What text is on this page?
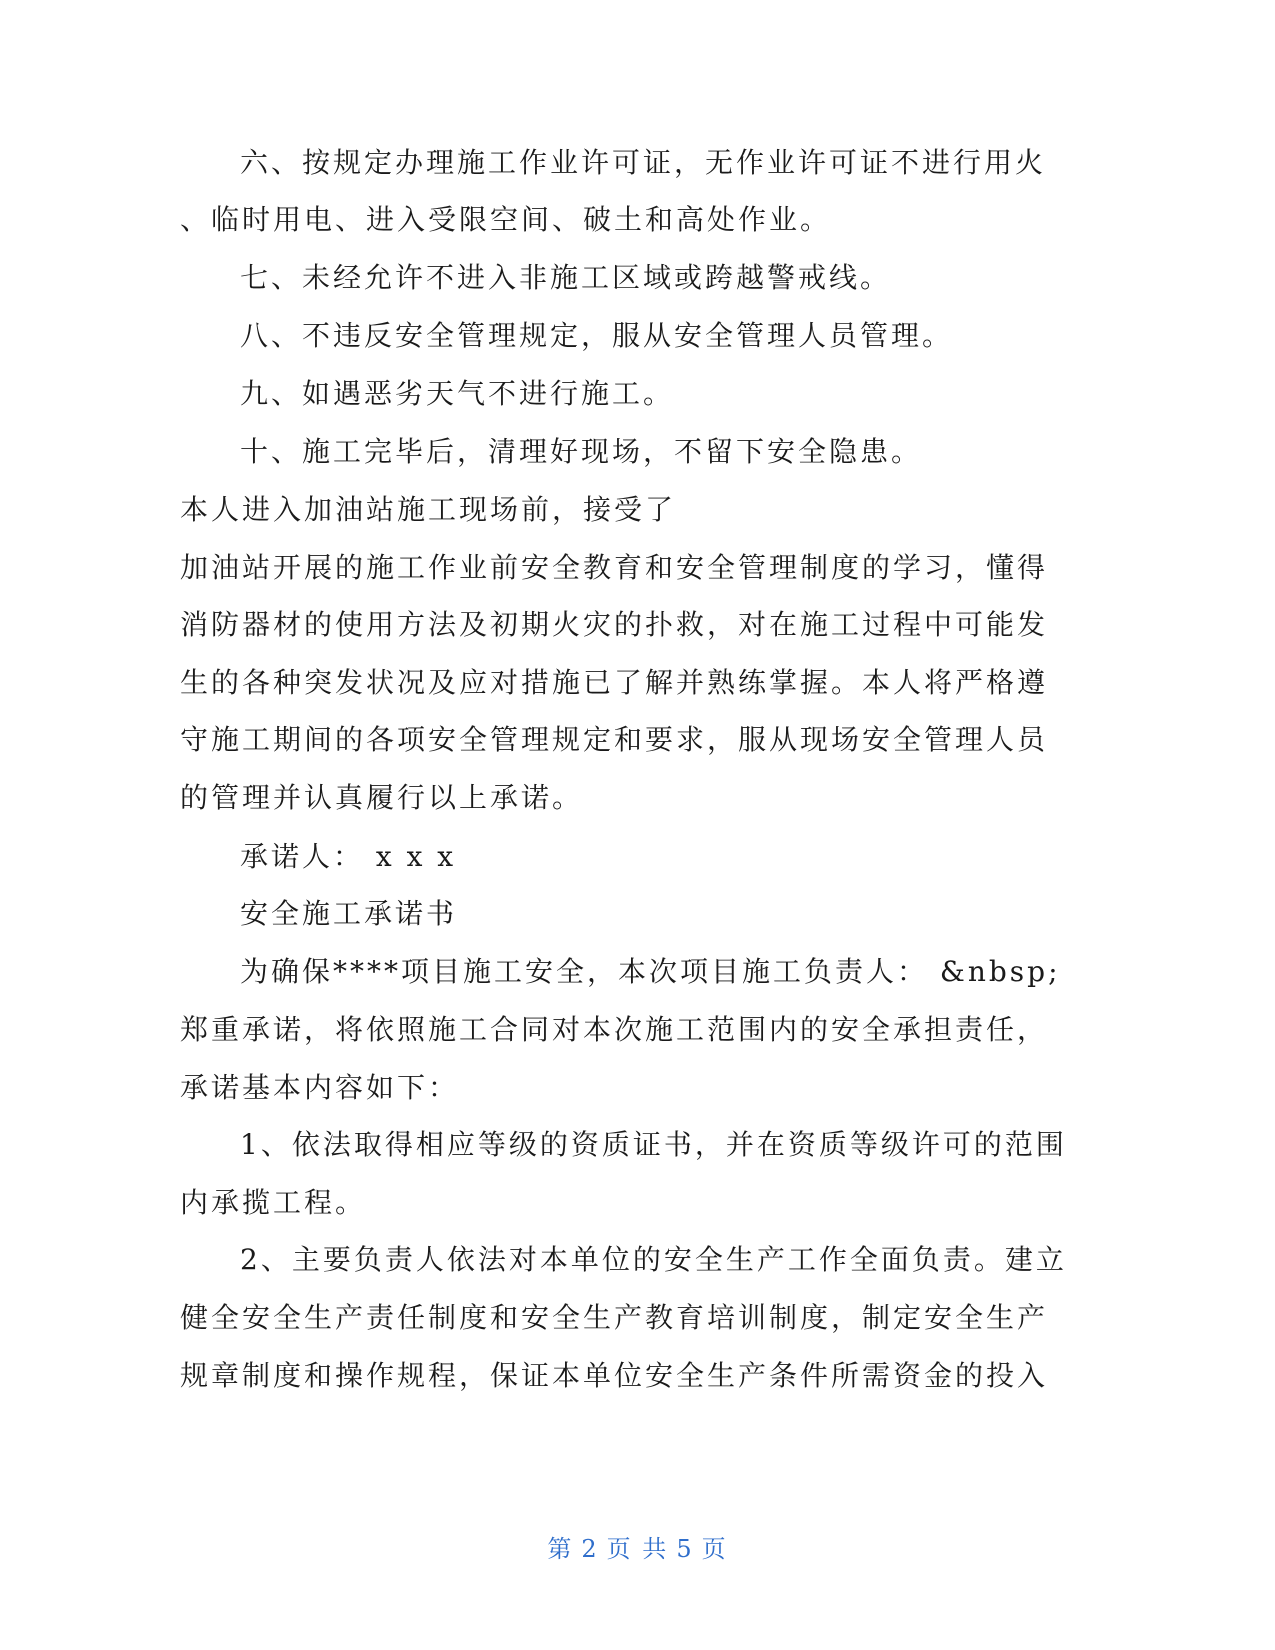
六、按规定办理施工作业许可证，无作业许可证不进行用火
、临时用电、进入受限空间、破土和高处作业。
七、未经允许不进入非施工区域或跨越警戒线。
八、不违反安全管理规定，服从安全管理人员管理。
九、如遇恶劣天气不进行施工。
十、施工完毕后，清理好现场，不留下安全隐患。
本人进入加油站施工现场前，接受了
加油站开展的施工作业前安全教育和安全管理制度的学习，懂得
消防器材的使用方法及初期火灾的扑救，对在施工过程中可能发
生的各种突发状况及应对措施已了解并熟练掌握。本人将严格遵
守施工期间的各项安全管理规定和要求，服从现场安全管理人员
的管理并认真履行以上承诺。
承诺人： x x x
安全施工承诺书
为确保****项目施工安全，本次项目施工负责人： &nbsp;
郑重承诺，将依照施工合同对本次施工范围内的安全承担责任，
承诺基本内容如下：
1、依法取得相应等级的资质证书，并在资质等级许可的范围
内承揽工程。
2、主要负责人依法对本单位的安全生产工作全面负责。建立
健全安全生产责任制度和安全生产教育培训制度，制定安全生产
规章制度和操作规程，保证本单位安全生产条件所需资金的投入
第 2 页 共 5 页
